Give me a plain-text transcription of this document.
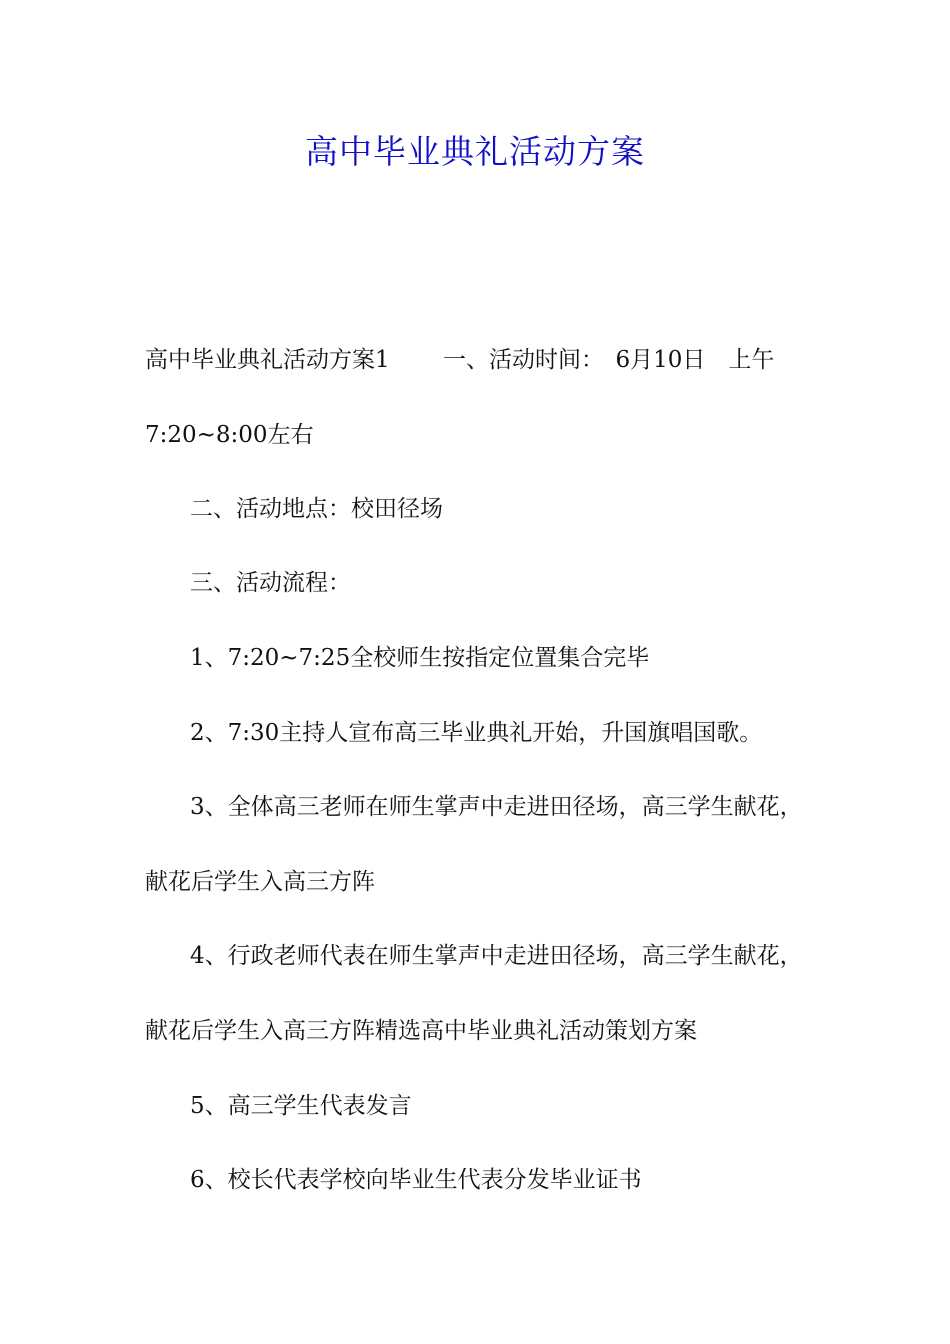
高中毕业典礼活动方案
高中毕业典礼活动方案1　　 一、活动时间：　6月10日　上午
7:20~8:00左右
二、活动地点：校田径场
三、活动流程：
1、7:20~7:25全校师生按指定位置集合完毕
2、7:30主持人宣布高三毕业典礼开始，升国旗唱国歌。
3、全体高三老师在师生掌声中走进田径场，高三学生献花，
献花后学生入高三方阵
4、行政老师代表在师生掌声中走进田径场，高三学生献花，
献花后学生入高三方阵精选高中毕业典礼活动策划方案
5、高三学生代表发言
6、校长代表学校向毕业生代表分发毕业证书
